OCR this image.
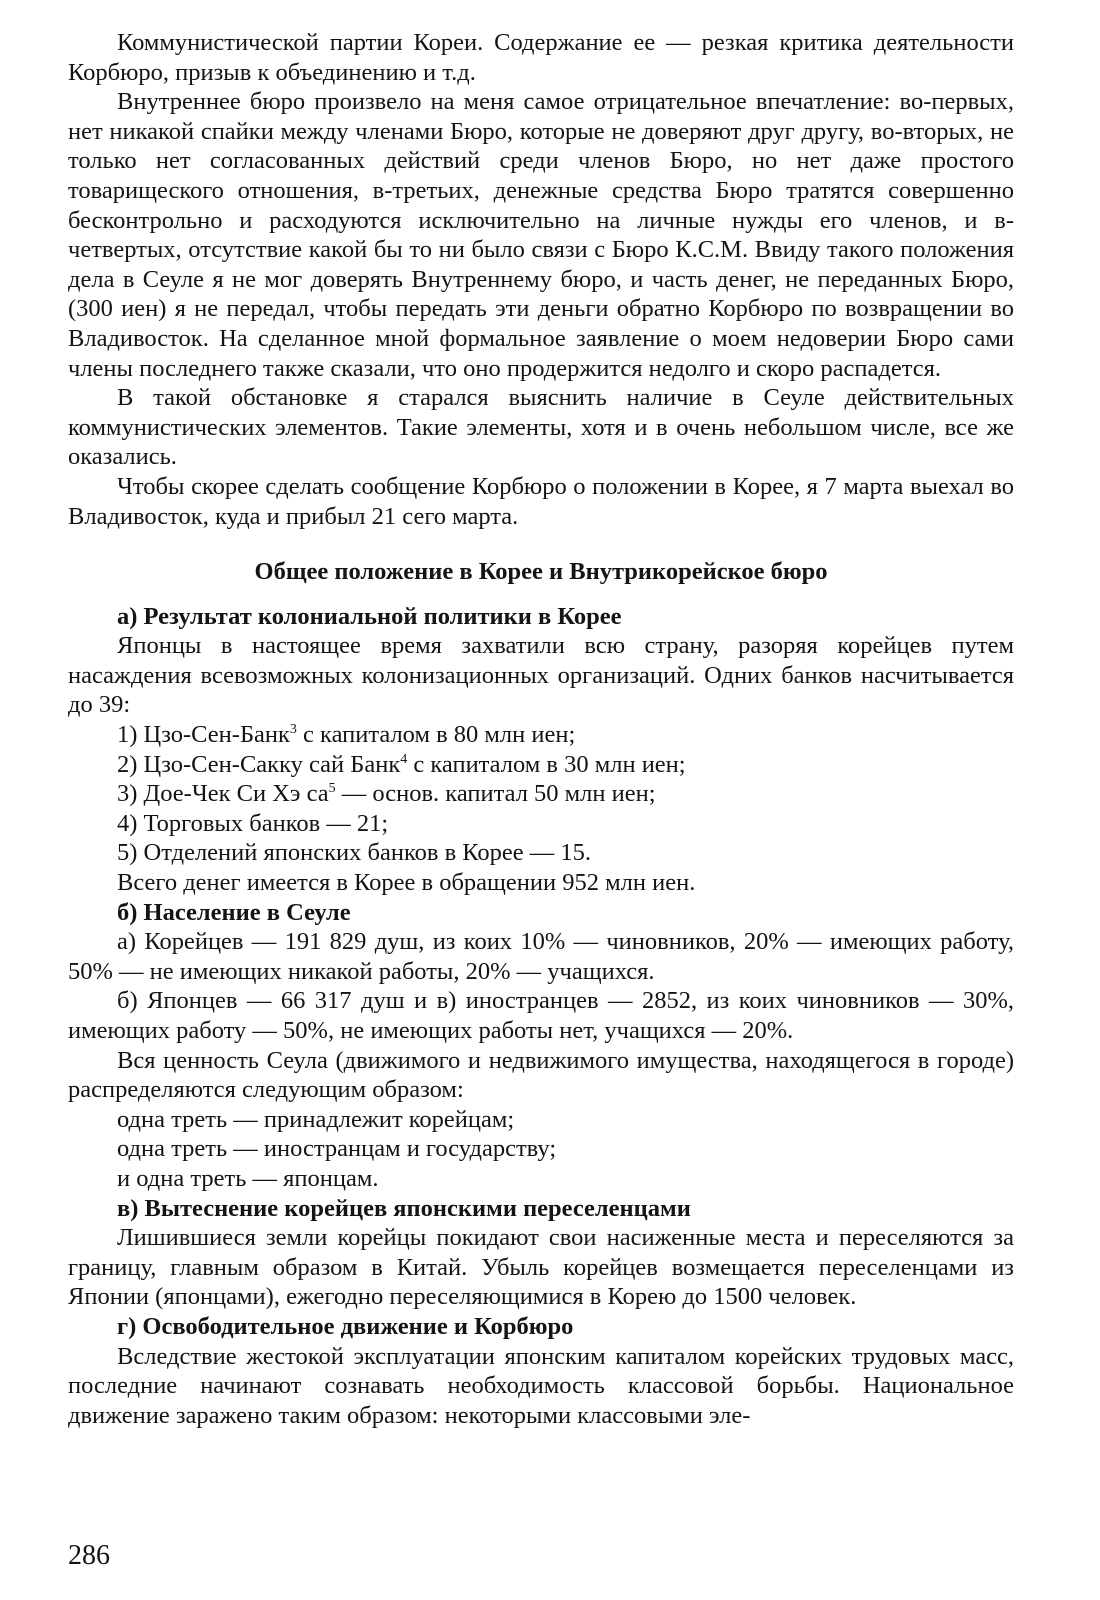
Коммунистической партии Кореи. Содержание ее — резкая критика деятельности Корбюро, призыв к объединению и т.д.

Внутреннее бюро произвело на меня самое отрицательное впечатление: во-первых, нет никакой спайки между членами Бюро, которые не доверяют друг другу, во-вторых, не только нет согласованных действий среди членов Бюро, но нет даже простого товарищеского отношения, в-третьих, денежные средства Бюро тратятся совершенно бесконтрольно и расходуются исключительно на личные нужды его членов, и в-четвертых, отсутствие какой бы то ни было связи с Бюро К.С.М. Ввиду такого положения дела в Сеуле я не мог доверять Внутреннему бюро, и часть денег, не переданных Бюро, (300 иен) я не передал, чтобы передать эти деньги обратно Корбюро по возвращении во Владивосток. На сделанное мной формальное заявление о моем недоверии Бюро сами члены последнего также сказали, что оно продержится недолго и скоро распадется.

В такой обстановке я старался выяснить наличие в Сеуле действительных коммунистических элементов. Такие элементы, хотя и в очень небольшом числе, все же оказались.

Чтобы скорее сделать сообщение Корбюро о положении в Корее, я 7 марта выехал во Владивосток, куда и прибыл 21 сего марта.

Общее положение в Корее и Внутрикорейское бюро

а) Результат колониальной политики в Корее

Японцы в настоящее время захватили всю страну, разоряя корейцев путем насаждения всевозможных колонизационных организаций. Одних банков насчитывается до 39:

1) Цзо-Сен-Банк$^3$ с капиталом в 80 млн иен;

2) Цзо-Сен-Сакку сай Банк$^4$ с капиталом в 30 млн иен;

3) Дое-Чек Си Хэ $са^5$ — основ. капитал 50 млн иен;

4) Торговых банков — 21;

5) Отделений японских банков в Корее — 15.

Всего денег имеется в Корее в обращении 952 млн иен.

б) Население в Сеуле

а) Корейцев — 191 829 душ, из коих 10% — чиновников, 20% — имеющих работу, 50% — не имеющих никакой работы, 20% — учащихся.

б) Японцев — 66 317 душ и в) иностранцев — 2852, из коих чиновников — 30%, имеющих работу — 50%, не имеющих работы нет, учащихся — 20%.

Вся ценность Сеула (движимого и недвижимого имущества, находящегося в городе) распределяются следующим образом:

одна треть — принадлежит корейцам;

одна треть — иностранцам и государству;

и одна треть — японцам.

в) Вытеснение корейцев японскими переселенцами

Лишившиеся земли корейцы покидают свои насиженные места и переселяются за границу, главным образом в Китай. Убыль корейцев возмещается переселенцами из Японии (японцами), ежегодно переселяющимися в Корею до 1500 человек.

г) Освободительное движение и Корбюро

Вследствие жестокой эксплуатации японским капиталом корейских трудовых масс, последние начинают сознавать необходимость классовой борьбы. Национальное движение заражено таким образом: некоторыми классовыми эле-

286
